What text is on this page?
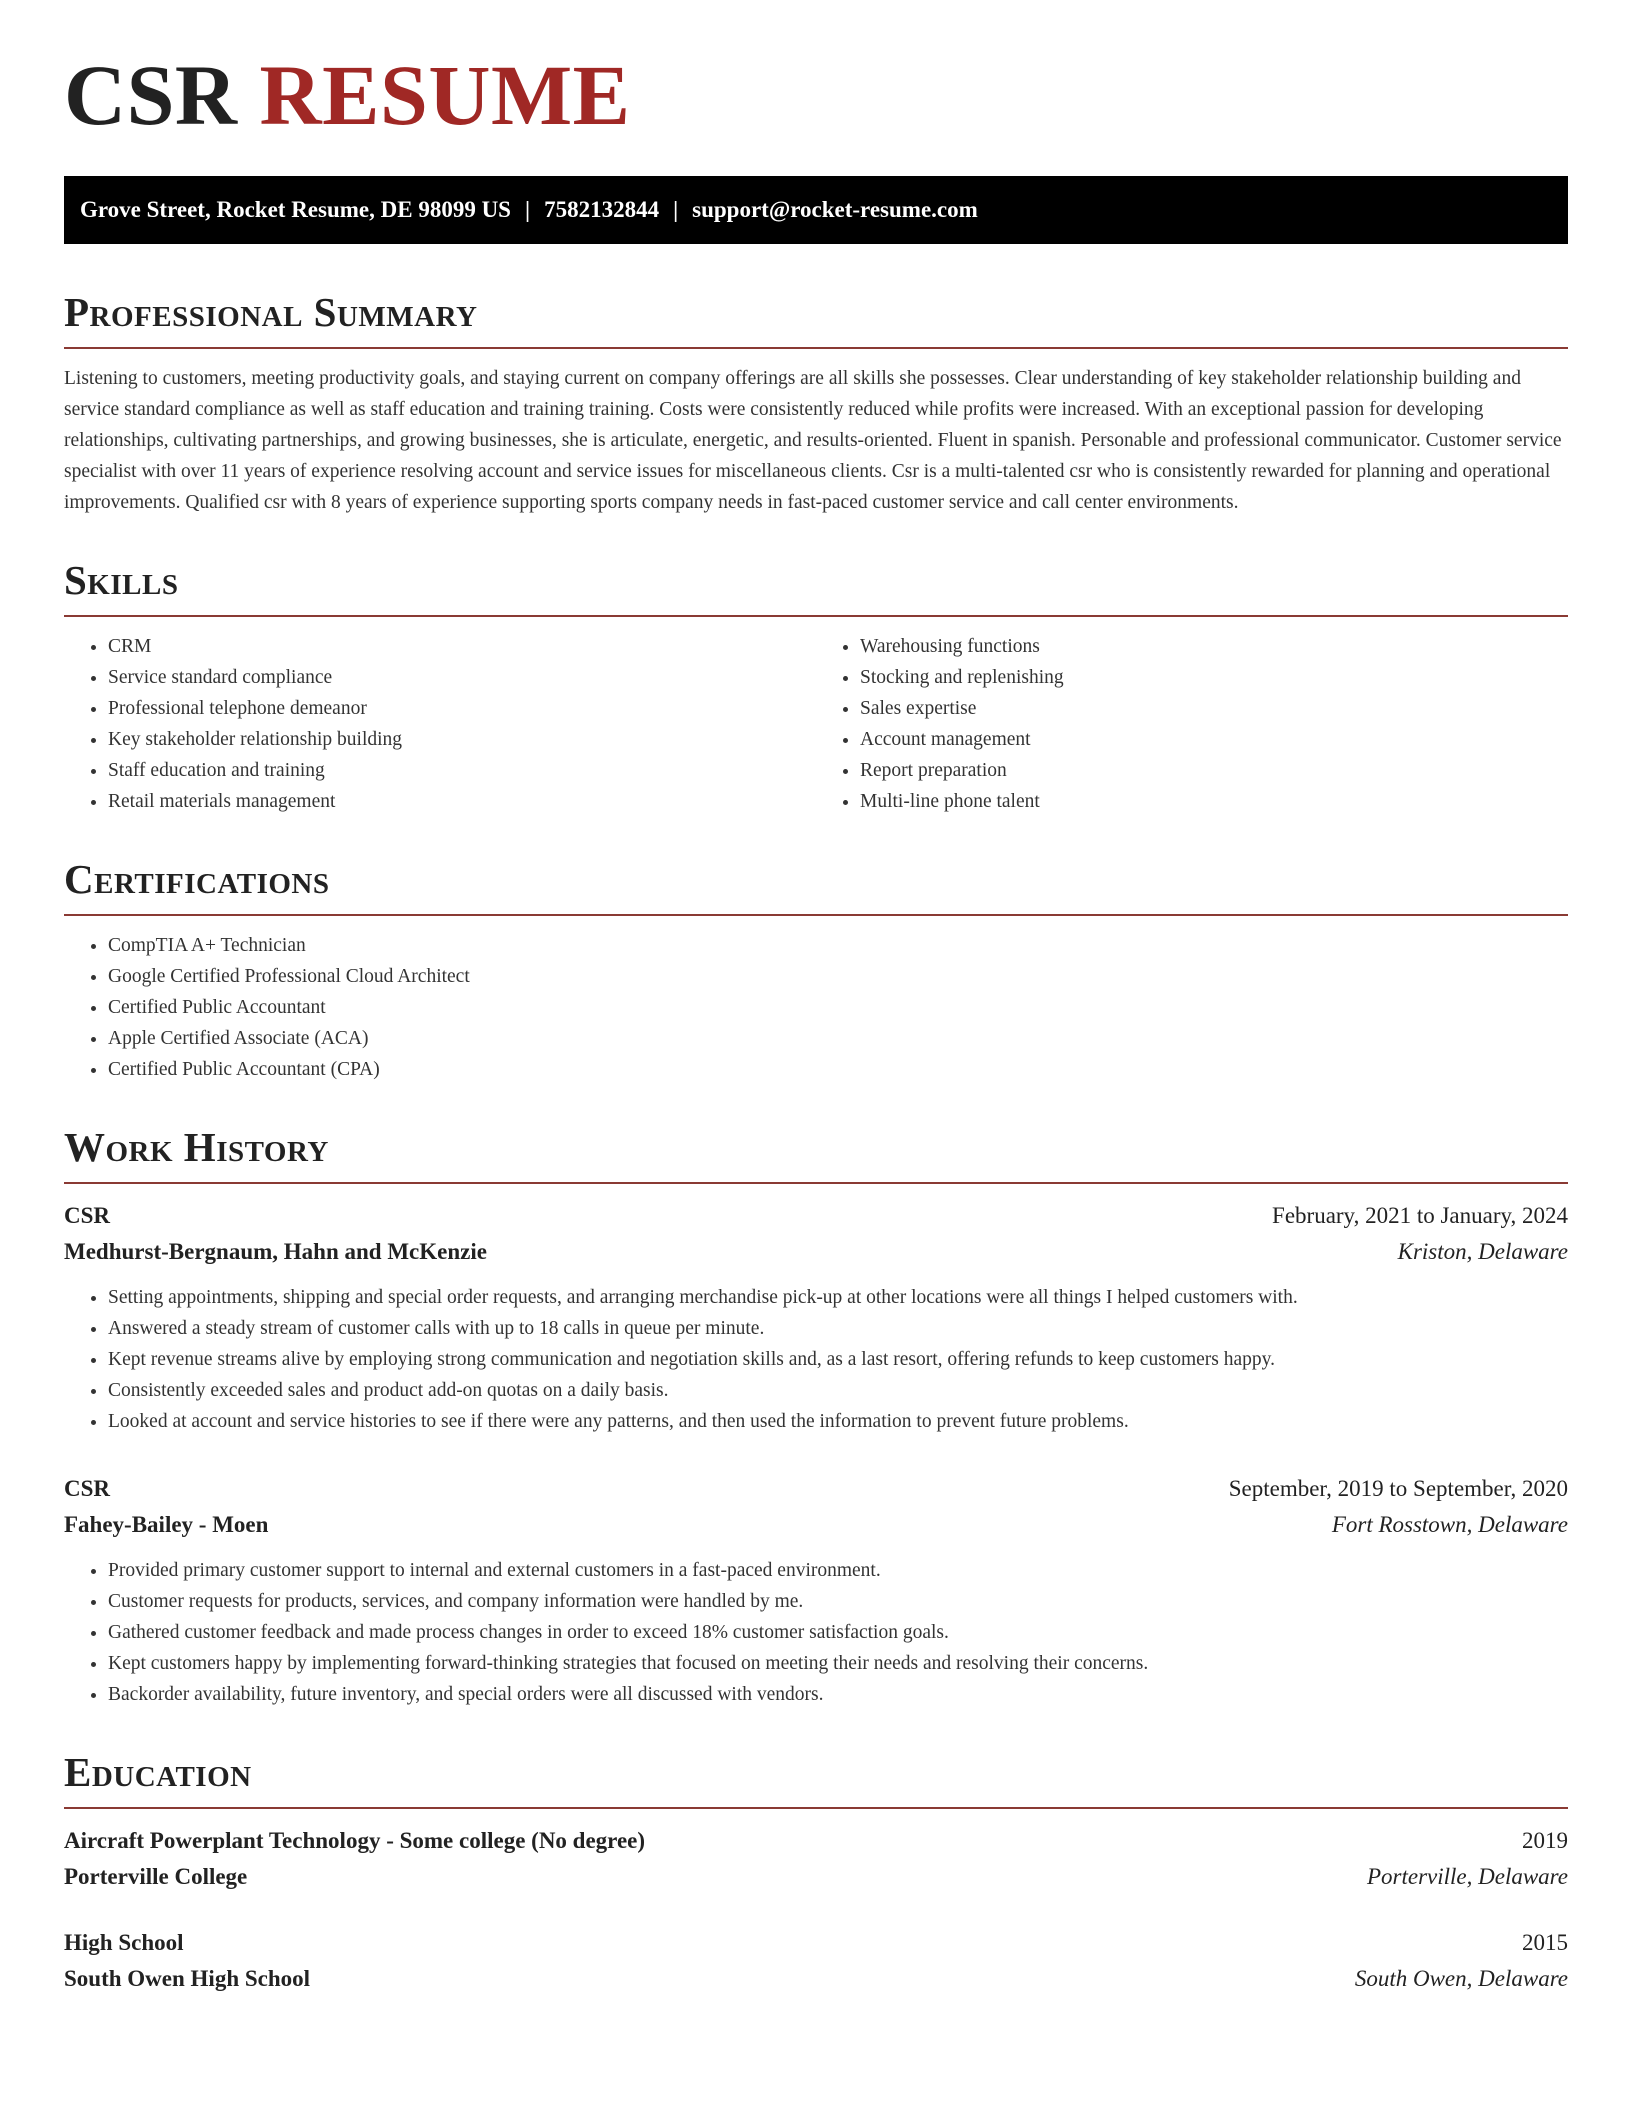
CSR RESUME
Grove Street, Rocket Resume, DE 98099 US | 7582132844 | support@rocket-resume.com
Professional Summary

Listening to customers, meeting productivity goals, and staying current on company offerings are all skills she possesses. Clear understanding of key stakeholder relationship building and service standard compliance as well as staff education and training training. Costs were consistently reduced while profits were increased. With an exceptional passion for developing relationships, cultivating partnerships, and growing businesses, she is articulate, energetic, and results-oriented. Fluent in spanish. Personable and professional communicator. Customer service specialist with over 11 years of experience resolving account and service issues for miscellaneous clients. Csr is a multi-talented csr who is consistently rewarded for planning and operational improvements. Qualified csr with 8 years of experience supporting sports company needs in fast-paced customer service and call center environments.

Skills
• CRM
• Service standard compliance
• Professional telephone demeanor
• Key stakeholder relationship building
• Staff education and training
• Retail materials management
• Warehousing functions
• Stocking and replenishing
• Sales expertise
• Account management
• Report preparation
• Multi-line phone talent
Certifications
• CompTIA A+ Technician
• Google Certified Professional Cloud Architect
• Certified Public Accountant
• Apple Certified Associate (ACA)
• Certified Public Accountant (CPA)
Work History
CSR	February, 2021 to January, 2024
Medhurst-Bergnaum, Hahn and McKenzie	Kriston, Delaware
• Setting appointments, shipping and special order requests, and arranging merchandise pick-up at other locations were all things I helped customers with.
• Answered a steady stream of customer calls with up to 18 calls in queue per minute.
• Kept revenue streams alive by employing strong communication and negotiation skills and, as a last resort, offering refunds to keep customers happy.
• Consistently exceeded sales and product add-on quotas on a daily basis.
• Looked at account and service histories to see if there were any patterns, and then used the information to prevent future problems.
CSR	September, 2019 to September, 2020
Fahey-Bailey - Moen	Fort Rosstown, Delaware
• Provided primary customer support to internal and external customers in a fast-paced environment.
• Customer requests for products, services, and company information were handled by me.
• Gathered customer feedback and made process changes in order to exceed 18% customer satisfaction goals.
• Kept customers happy by implementing forward-thinking strategies that focused on meeting their needs and resolving their concerns.
• Backorder availability, future inventory, and special orders were all discussed with vendors.
Education
Aircraft Powerplant Technology - Some college (No degree)	2019
Porterville College	Porterville, Delaware
High School	2015
South Owen High School	South Owen, Delaware
